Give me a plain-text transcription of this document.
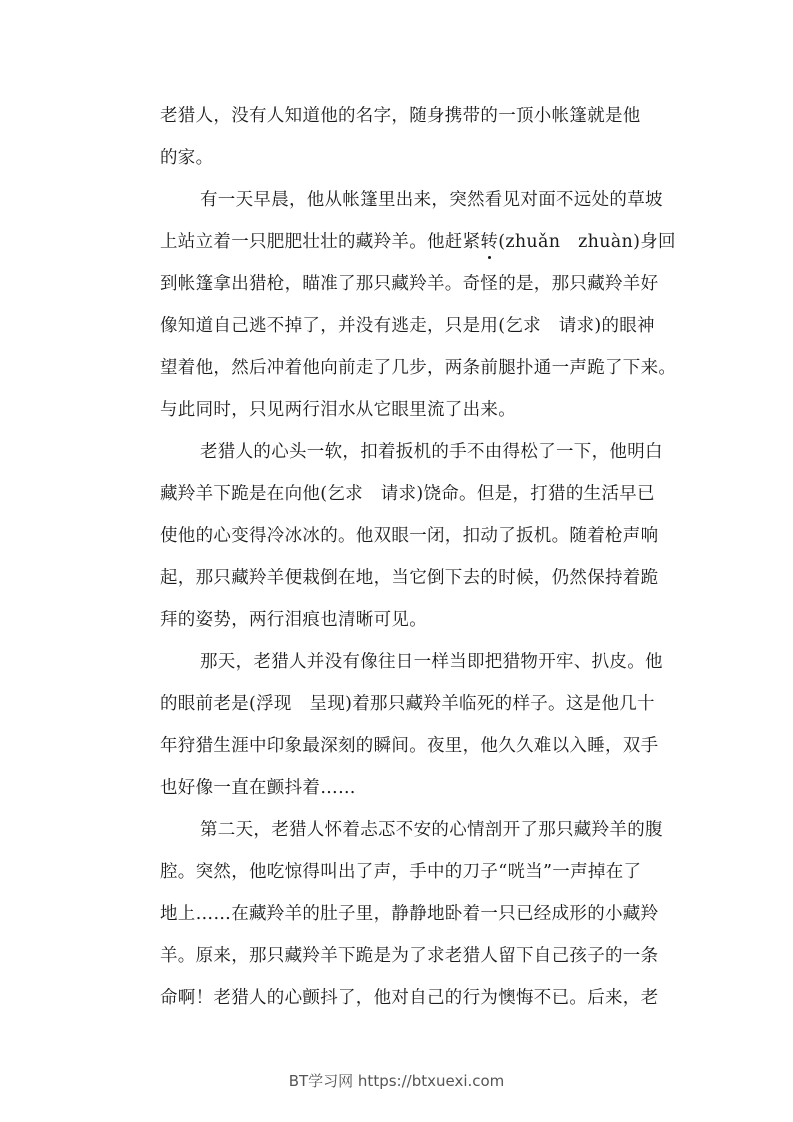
老猎人，没有人知道他的名字，随身携带的一顶小帐篷就是他
的家。
有一天早晨，他从帐篷里出来，突然看见对面不远处的草坡
上站立着一只肥肥壮壮的藏羚羊。他赶紧转(zhuǎn　zhuàn)身回
到帐篷拿出猎枪，瞄准了那只藏羚羊。奇怪的是，那只藏羚羊好
像知道自己逃不掉了，并没有逃走，只是用(乞求　请求)的眼神
望着他，然后冲着他向前走了几步，两条前腿扑通一声跪了下来。
与此同时，只见两行泪水从它眼里流了出来。
老猎人的心头一软，扣着扳机的手不由得松了一下，他明白
藏羚羊下跪是在向他(乞求　请求)饶命。但是，打猎的生活早已
使他的心变得冷冰冰的。他双眼一闭，扣动了扳机。随着枪声响
起，那只藏羚羊便栽倒在地，当它倒下去的时候，仍然保持着跪
拜的姿势，两行泪痕也清晰可见。
那天，老猎人并没有像往日一样当即把猎物开牢、扒皮。他
的眼前老是(浮现　呈现)着那只藏羚羊临死的样子。这是他几十
年狩猎生涯中印象最深刻的瞬间。夜里，他久久难以入睡，双手
也好像一直在颤抖着……
第二天，老猎人怀着忐忑不安的心情剖开了那只藏羚羊的腹
腔。突然，他吃惊得叫出了声，手中的刀子“咣当”一声掉在了
地上……在藏羚羊的肚子里，静静地卧着一只已经成形的小藏羚
羊。原来，那只藏羚羊下跪是为了求老猎人留下自己孩子的一条
命啊！老猎人的心颤抖了，他对自己的行为懊悔不已。后来，老
BT学习网 https://btxuexi.com
